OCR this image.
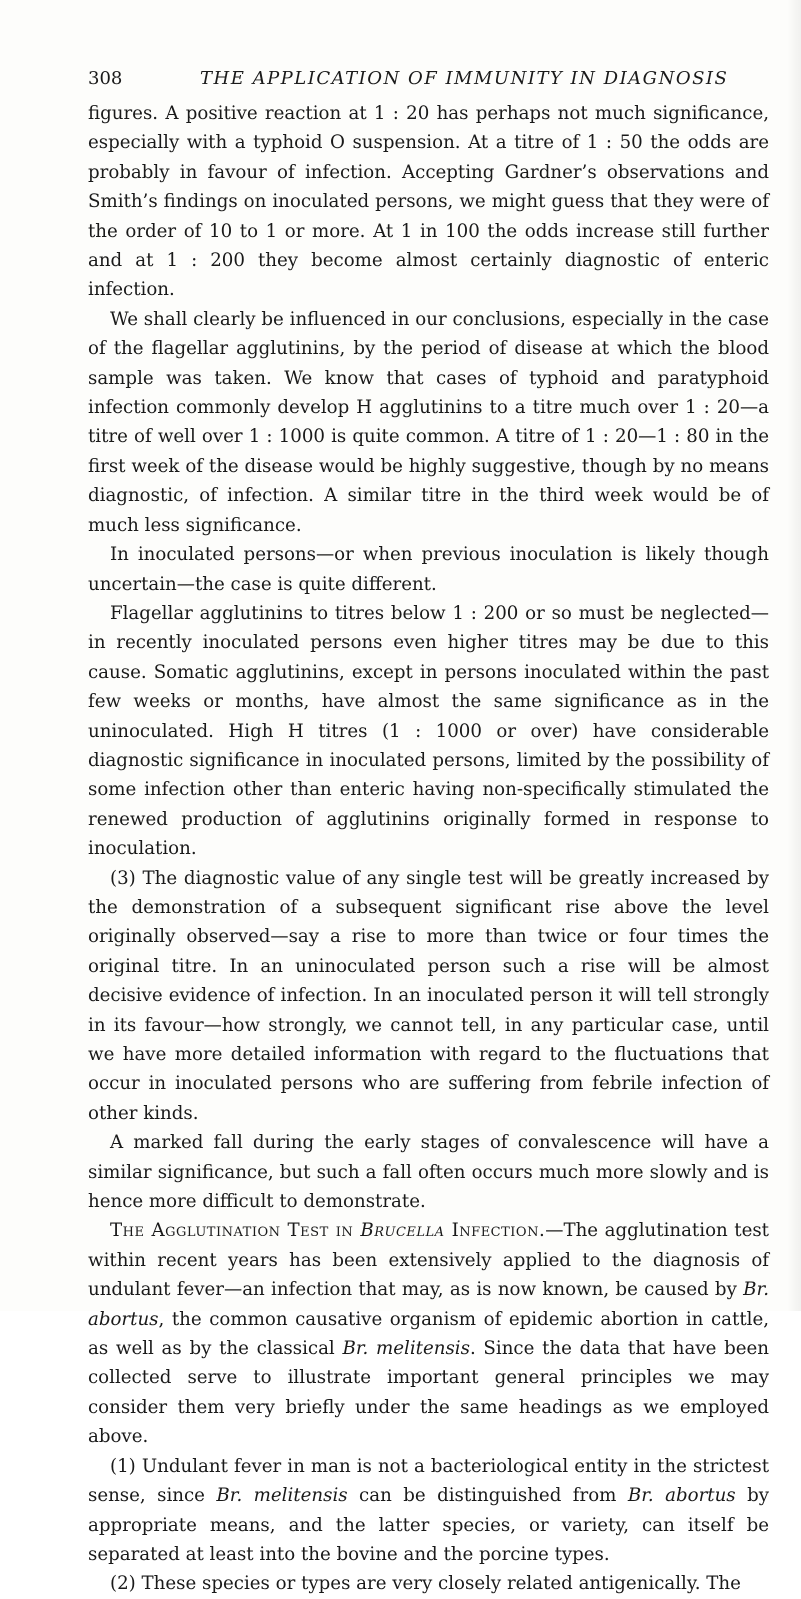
308	THE APPLICATION OF IMMUNITY IN DIAGNOSIS

figures. A positive reaction at 1 : 20 has perhaps not much significance, especially with a typhoid O suspension. At a titre of 1 : 50 the odds are probably in favour of infection. Accepting Gardner’s observations and Smith’s findings on inoculated persons, we might guess that they were of the order of 10 to 1 or more. At 1 in 100 the odds increase still further and at 1 : 200 they become almost certainly diagnostic of enteric infection.

We shall clearly be influenced in our conclusions, especially in the case of the flagellar agglutinins, by the period of disease at which the blood sample was taken. We know that cases of typhoid and paratyphoid infection commonly develop H agglutinins to a titre much over 1 : 20—a titre of well over 1 : 1000 is quite common. A titre of 1 : 20—1 : 80 in the first week of the disease would be highly suggestive, though by no means diagnostic, of infection. A similar titre in the third week would be of much less significance.

In inoculated persons—or when previous inoculation is likely though uncertain—the case is quite different.

Flagellar agglutinins to titres below 1 : 200 or so must be neglected—in recently inoculated persons even higher titres may be due to this cause. Somatic agglutinins, except in persons inoculated within the past few weeks or months, have almost the same significance as in the uninoculated. High H titres (1 : 1000 or over) have considerable diagnostic significance in inoculated persons, limited by the possibility of some infection other than enteric having non-specifically stimulated the renewed production of agglutinins originally formed in response to inoculation.

(3) The diagnostic value of any single test will be greatly increased by the demonstration of a subsequent significant rise above the level originally observed—say a rise to more than twice or four times the original titre. In an uninoculated person such a rise will be almost decisive evidence of infection. In an inoculated person it will tell strongly in its favour—how strongly, we cannot tell, in any particular case, until we have more detailed information with regard to the fluctuations that occur in inoculated persons who are suffering from febrile infection of other kinds.

A marked fall during the early stages of convalescence will have a similar significance, but such a fall often occurs much more slowly and is hence more difficult to demonstrate.

The Agglutination Test in Brucella Infection.—The agglutination test within recent years has been extensively applied to the diagnosis of undulant fever—an infection that may, as is now known, be caused by Br. abortus, the common causative organism of epidemic abortion in cattle, as well as by the classical Br. melitensis. Since the data that have been collected serve to illustrate important general principles we may consider them very briefly under the same headings as we employed above.

(1) Undulant fever in man is not a bacteriological entity in the strictest sense, since Br. melitensis can be distinguished from Br. abortus by appropriate means, and the latter species, or variety, can itself be separated at least into the bovine and the porcine types.

(2) These species or types are very closely related antigenically. The
